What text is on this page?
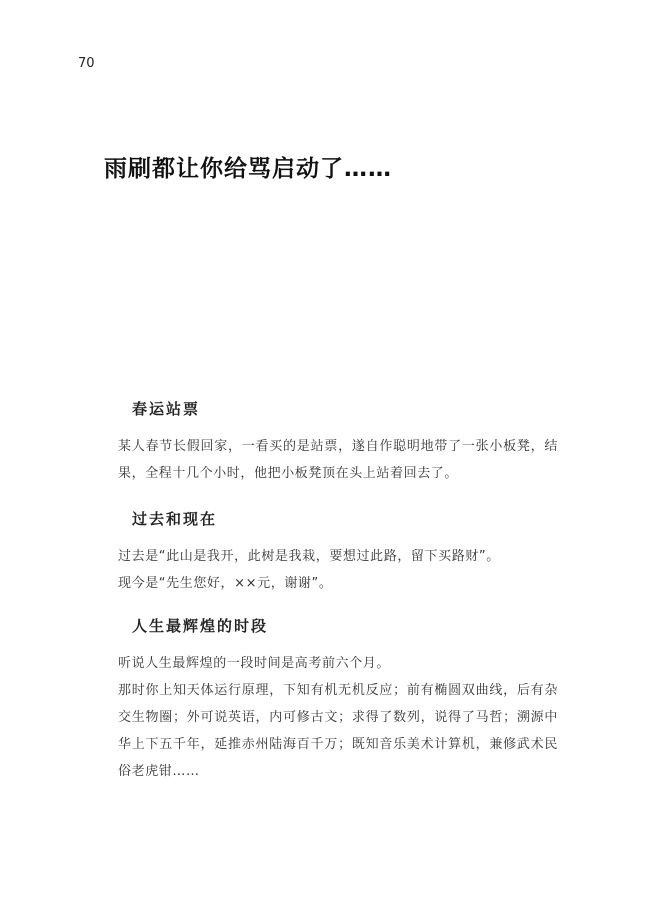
70
雨刷都让你给骂启动了……
春运站票

某人春节长假回家，一看买的是站票，遂自作聪明地带了一张小板凳，结果，全程十几个小时，他把小板凳顶在头上站着回去了。

过去和现在

过去是“此山是我开，此树是我栽，要想过此路，留下买路财”。

现今是“先生您好，××元，谢谢”。

人生最辉煌的时段

听说人生最辉煌的一段时间是高考前六个月。

那时你上知天体运行原理，下知有机无机反应；前有椭圆双曲线，后有杂交生物圈；外可说英语，内可修古文；求得了数列，说得了马哲；溯源中华上下五千年，延推赤州陆海百千万；既知音乐美术计算机，兼修武术民俗老虎钳……
